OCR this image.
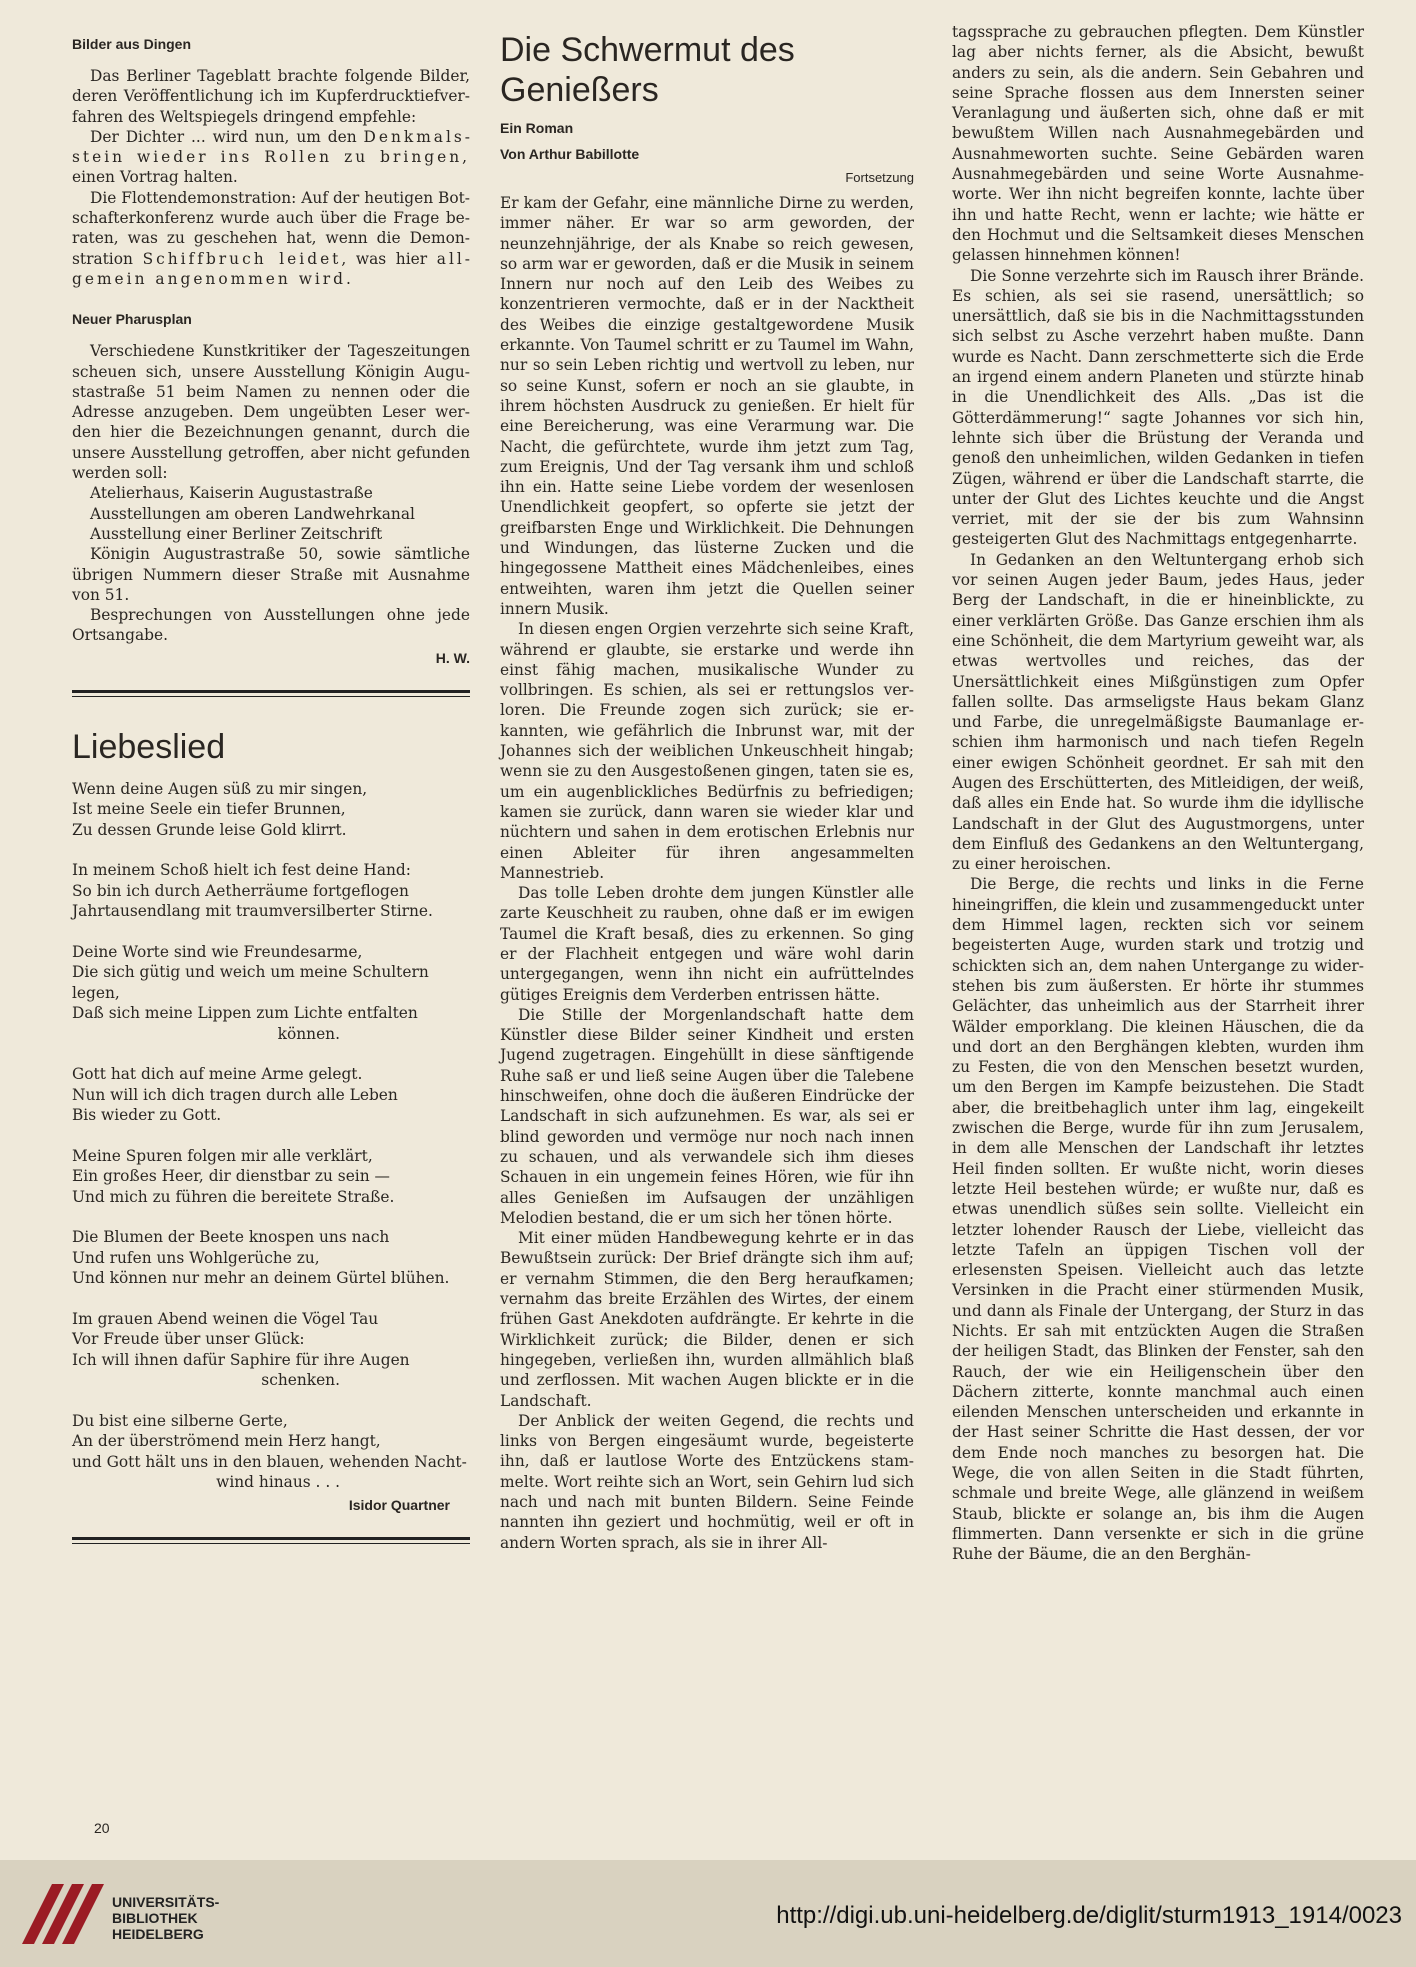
Bilder aus Dingen

Das Berliner Tageblatt brachte folgende Bilder, deren Veröffentlichung ich im Kupferdrucktiefverfahren des Weltspiegels dringend empfehle:

Der Dichter ... wird nun, um den Denkmalsstein wieder ins Rollen zu bringen, einen Vortrag halten.

Die Flottendemonstration: Auf der heutigen Botschafterkonferenz wurde auch über die Frage beraten, was zu geschehen hat, wenn die Demonstration Schiffbruch leidet, was hier allgemein angenommen wird.

Neuer Pharusplan

Verschiedene Kunstkritiker der Tageszeitungen scheuen sich, unsere Ausstellung Königin Augustastraße 51 beim Namen zu nennen oder die Adresse anzugeben. Dem ungeübten Leser werden hier die Bezeichnungen genannt, durch die unsere Ausstellung getroffen, aber nicht gefunden werden soll:

Atelierhaus, Kaiserin Augustastraße
Ausstellungen am oberen Landwehrkanal
Ausstellung einer Berliner Zeitschrift

Königin Augustrastraße 50, sowie sämtliche übrigen Nummern dieser Straße mit Ausnahme von 51.

Besprechungen von Ausstellungen ohne jede Ortsangabe.

H. W.
Liebeslied
Wenn deine Augen süß zu mir singen,
Ist meine Seele ein tiefer Brunnen,
Zu dessen Grunde leise Gold klirrt.
In meinem Schoß hielt ich fest deine Hand:
So bin ich durch Aetherräume fortgeflogen
Jahrtausendlang mit traumversilberter Stirne.
Deine Worte sind wie Freundesarme,
Die sich gütig und weich um meine Schultern legen,
Daß sich meine Lippen zum Lichte entfalten
können.
Gott hat dich auf meine Arme gelegt.
Nun will ich dich tragen durch alle Leben
Bis wieder zu Gott.
Meine Spuren folgen mir alle verklärt,
Ein großes Heer, dir dienstbar zu sein —
Und mich zu führen die bereitete Straße.
Die Blumen der Beete knospen uns nach
Und rufen uns Wohlgerüche zu,
Und können nur mehr an deinem Gürtel blühen.
Im grauen Abend weinen die Vögel Tau
Vor Freude über unser Glück:
Ich will ihnen dafür Saphire für ihre Augen
schenken.
Du bist eine silberne Gerte,
An der überströmend mein Herz hangt,
und Gott hält uns in den blauen, wehenden Nacht-
wind hinaus . . .
Isidor Quartner
Die Schwermut des Genießers
Ein Roman
Von Arthur Babillotte
Fortsetzung

Er kam der Gefahr, eine männliche Dirne zu werden, immer näher. Er war so arm geworden, der neunzehnjährige, der als Knabe so reich gewesen, so arm war er geworden, daß er die Musik in seinem Innern nur noch auf den Leib des Weibes zu konzentrieren vermochte, daß er in der Nacktheit des Weibes die einzige gestaltgewordene Musik erkannte. Von Taumel schritt er zu Taumel im Wahn, nur so sein Leben richtig und wertvoll zu leben, nur so seine Kunst, sofern er noch an sie glaubte, in ihrem höchsten Ausdruck zu genießen. Er hielt für eine Bereicherung, was eine Verarmung war. Die Nacht, die gefürchtete, wurde ihm jetzt zum Tag, zum Ereignis, Und der Tag versank ihm und schloß ihn ein. Hatte seine Liebe vordem der wesenlosen Unendlichkeit geopfert, so opferte sie jetzt der greifbarsten Enge und Wirklichkeit. Die Dehnungen und Windungen, das lüsterne Zucken und die hingegossene Mattheit eines Mädchenleibes, eines entweihten, waren ihm jetzt die Quellen seiner innern Musik.

In diesen engen Orgien verzehrte sich seine Kraft, während er glaubte, sie erstarke und werde ihn einst fähig machen, musikalische Wunder zu vollbringen. Es schien, als sei er rettungslos verloren. Die Freunde zogen sich zurück; sie erkannten, wie gefährlich die Inbrunst war, mit der Johannes sich der weiblichen Unkeuschheit hingab; wenn sie zu den Ausgestoßenen gingen, taten sie es, um ein augenblickliches Bedürfnis zu befriedigen; kamen sie zurück, dann waren sie wieder klar und nüchtern und sahen in dem erotischen Erlebnis nur einen Ableiter für ihren angesammelten Mannestrieb.

Das tolle Leben drohte dem jungen Künstler alle zarte Keuschheit zu rauben, ohne daß er im ewigen Taumel die Kraft besaß, dies zu erkennen. So ging er der Flachheit entgegen und wäre wohl darin untergegangen, wenn ihn nicht ein aufrüttelndes gütiges Ereignis dem Verderben entrissen hätte.

Die Stille der Morgenlandschaft hatte dem Künstler diese Bilder seiner Kindheit und ersten Jugend zugetragen. Eingehüllt in diese sänftigende Ruhe saß er und ließ seine Augen über die Talebene hinschweifen, ohne doch die äußeren Eindrücke der Landschaft in sich aufzunehmen. Es war, als sei er blind geworden und vermöge nur noch nach innen zu schauen, und als verwandele sich ihm dieses Schauen in ein ungemein feines Hören, wie für ihn alles Genießen im Aufsaugen der unzähligen Melodien bestand, die er um sich her tönen hörte.

Mit einer müden Handbewegung kehrte er in das Bewußtsein zurück: Der Brief drängte sich ihm auf; er vernahm Stimmen, die den Berg heraufkamen; vernahm das breite Erzählen des Wirtes, der einem frühen Gast Anekdoten aufdrängte. Er kehrte in die Wirklichkeit zurück; die Bilder, denen er sich hingegeben, verließen ihn, wurden allmählich blaß und zerflossen. Mit wachen Augen blickte er in die Landschaft.

Der Anblick der weiten Gegend, die rechts und links von Bergen eingesäumt wurde, begeisterte ihn, daß er lautlose Worte des Entzückens stammelte. Wort reihte sich an Wort, sein Gehirn lud sich nach und nach mit bunten Bildern. Seine Feinde nannten ihn geziert und hochmütig, weil er oft in andern Worten sprach, als sie in ihrer All-

tagssprache zu gebrauchen pflegten. Dem Künstler lag aber nichts ferner, als die Absicht, bewußt anders zu sein, als die andern. Sein Gebahren und seine Sprache flossen aus dem Innersten seiner Veranlagung und äußerten sich, ohne daß er mit bewußtem Willen nach Ausnahmegebärden und Ausnahmeworten suchte. Seine Gebärden waren Ausnahmegebärden und seine Worte Ausnahmeworte. Wer ihn nicht begreifen konnte, lachte über ihn und hatte Recht, wenn er lachte; wie hätte er den Hochmut und die Seltsamkeit dieses Menschen gelassen hinnehmen können!

Die Sonne verzehrte sich im Rausch ihrer Brände. Es schien, als sei sie rasend, unersättlich; so unersättlich, daß sie bis in die Nachmittagsstunden sich selbst zu Asche verzehrt haben mußte. Dann wurde es Nacht. Dann zerschmetterte sich die Erde an irgend einem andern Planeten und stürzte hinab in die Unendlichkeit des Alls. „Das ist die Götterdämmerung!“ sagte Johannes vor sich hin, lehnte sich über die Brüstung der Veranda und genoß den unheimlichen, wilden Gedanken in tiefen Zügen, während er über die Landschaft starrte, die unter der Glut des Lichtes keuchte und die Angst verriet, mit der sie der bis zum Wahnsinn gesteigerten Glut des Nachmittags entgegenharrte.

In Gedanken an den Weltuntergang erhob sich vor seinen Augen jeder Baum, jedes Haus, jeder Berg der Landschaft, in die er hineinblickte, zu einer verklärten Größe. Das Ganze erschien ihm als eine Schönheit, die dem Martyrium geweiht war, als etwas wertvolles und reiches, das der Unersättlichkeit eines Mißgünstigen zum Opfer fallen sollte. Das armseligste Haus bekam Glanz und Farbe, die unregelmäßigste Baumanlage erschien ihm harmonisch und nach tiefen Regeln einer ewigen Schönheit geordnet. Er sah mit den Augen des Erschütterten, des Mitleidigen, der weiß, daß alles ein Ende hat. So wurde ihm die idyllische Landschaft in der Glut des Augustmorgens, unter dem Einfluß des Gedankens an den Weltuntergang, zu einer heroischen.

Die Berge, die rechts und links in die Ferne hineingriffen, die klein und zusammengeduckt unter dem Himmel lagen, reckten sich vor seinem begeisterten Auge, wurden stark und trotzig und schickten sich an, dem nahen Untergange zu widerstehen bis zum äußersten. Er hörte ihr stummes Gelächter, das unheimlich aus der Starrheit ihrer Wälder emporklang. Die kleinen Häuschen, die da und dort an den Berghängen klebten, wurden ihm zu Festen, die von den Menschen besetzt wurden, um den Bergen im Kampfe beizustehen. Die Stadt aber, die breitbehaglich unter ihm lag, eingekeilt zwischen die Berge, wurde für ihn zum Jerusalem, in dem alle Menschen der Landschaft ihr letztes Heil finden sollten. Er wußte nicht, worin dieses letzte Heil bestehen würde; er wußte nur, daß es etwas unendlich süßes sein sollte. Vielleicht ein letzter lohender Rausch der Liebe, vielleicht das letzte Tafeln an üppigen Tischen voll der erlesensten Speisen. Vielleicht auch das letzte Versinken in die Pracht einer stürmenden Musik, und dann als Finale der Untergang, der Sturz in das Nichts. Er sah mit entzückten Augen die Straßen der heiligen Stadt, das Blinken der Fenster, sah den Rauch, der wie ein Heiligenschein über den Dächern zitterte, konnte manchmal auch einen eilenden Menschen unterscheiden und erkannte in der Hast seiner Schritte die Hast dessen, der vor dem Ende noch manches zu besorgen hat. Die Wege, die von allen Seiten in die Stadt führten, schmale und breite Wege, alle glänzend in weißem Staub, blickte er solange an, bis ihm die Augen flimmerten. Dann versenkte er sich in die grüne Ruhe der Bäume, die an den Berghän-

20
UNIVERSITÄTS-
BIBLIOTHEK
HEIDELBERG
http://digi.ub.uni-heidelberg.de/diglit/sturm1913_1914/0023
